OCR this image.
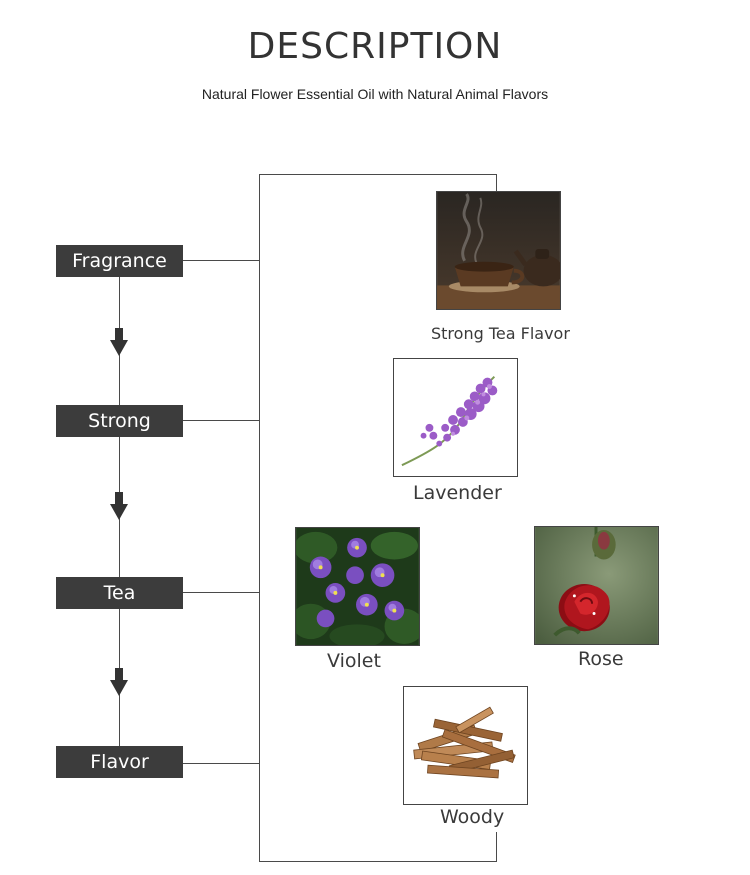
DESCRIPTION
Natural Flower Essential Oil with Natural Animal Flavors
Fragrance
Strong
Tea
Flavor
Strong Tea Flavor
Lavender
Violet	Rose
Woody
